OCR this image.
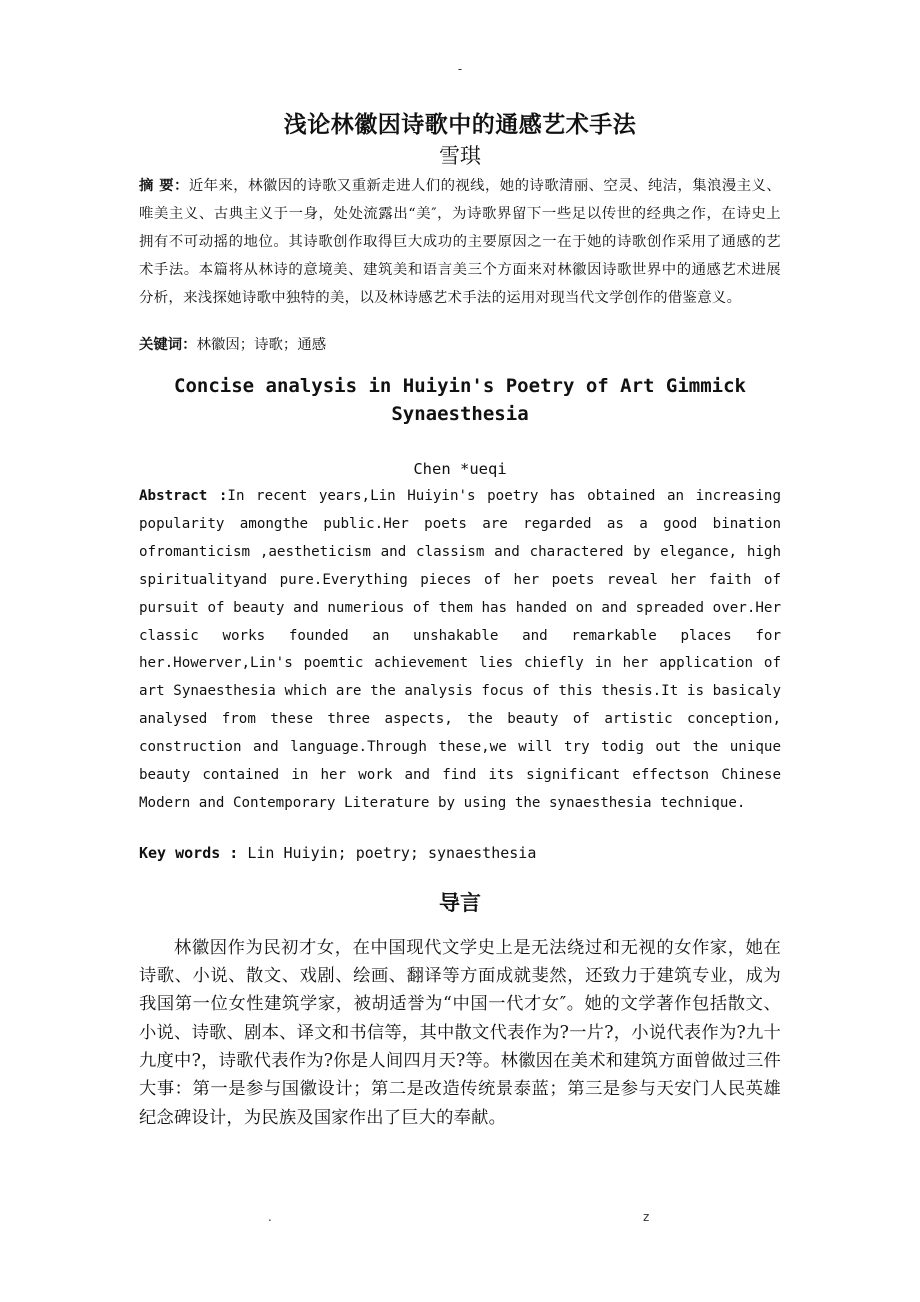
-
浅论林徽因诗歌中的通感艺术手法
雪琪

摘 要：近年来，林徽因的诗歌又重新走进人们的视线，她的诗歌清丽、空灵、纯洁，集浪漫主义、唯美主义、古典主义于一身，处处流露出“美″，为诗歌界留下一些足以传世的经典之作，在诗史上拥有不可动摇的地位。其诗歌创作取得巨大成功的主要原因之一在于她的诗歌创作采用了通感的艺术手法。本篇将从林诗的意境美、建筑美和语言美三个方面来对林徽因诗歌世界中的通感艺术进展分析，来浅探她诗歌中独特的美，以及林诗感艺术手法的运用对现当代文学创作的借鉴意义。

关键词：林徽因；诗歌；通感

Concise analysis in Huiyin's Poetry of Art Gimmick Synaesthesia
Chen *ueqi

Abstract :In recent years,Lin Huiyin's poetry has obtained an increasing popularity amongthe public.Her poets are regarded as a good bination ofromanticism ,aestheticism and classism and charactered by elegance, high spiritualityand pure.Everything pieces of her poets reveal her faith of pursuit of beauty and numerious of them has handed on and spreaded over.Her classic works founded an unshakable and remarkable places for her.Howerver,Lin's poemtic achievement lies chiefly in her application of art Synaesthesia which are the analysis focus of this thesis.It is basicaly analysed from these three aspects, the beauty of artistic conception, construction and language.Through these,we will try todig out the unique beauty contained in her work and find its significant effectson Chinese Modern and Contemporary Literature by using the synaesthesia technique.

Key words : Lin Huiyin; poetry; synaesthesia

导言

林徽因作为民初才女，在中国现代文学史上是无法绕过和无视的女作家，她在诗歌、小说、散文、戏剧、绘画、翻译等方面成就斐然，还致力于建筑专业，成为我国第一位女性建筑学家，被胡适誉为“中国一代才女″。她的文学著作包括散文、小说、诗歌、剧本、译文和书信等，其中散文代表作为?一片?，小说代表作为?九十九度中?，诗歌代表作为?你是人间四月天?等。林徽因在美术和建筑方面曾做过三件大事：第一是参与国徽设计；第二是改造传统景泰蓝；第三是参与天安门人民英雄纪念碑设计，为民族及国家作出了巨大的奉献。

.	z
